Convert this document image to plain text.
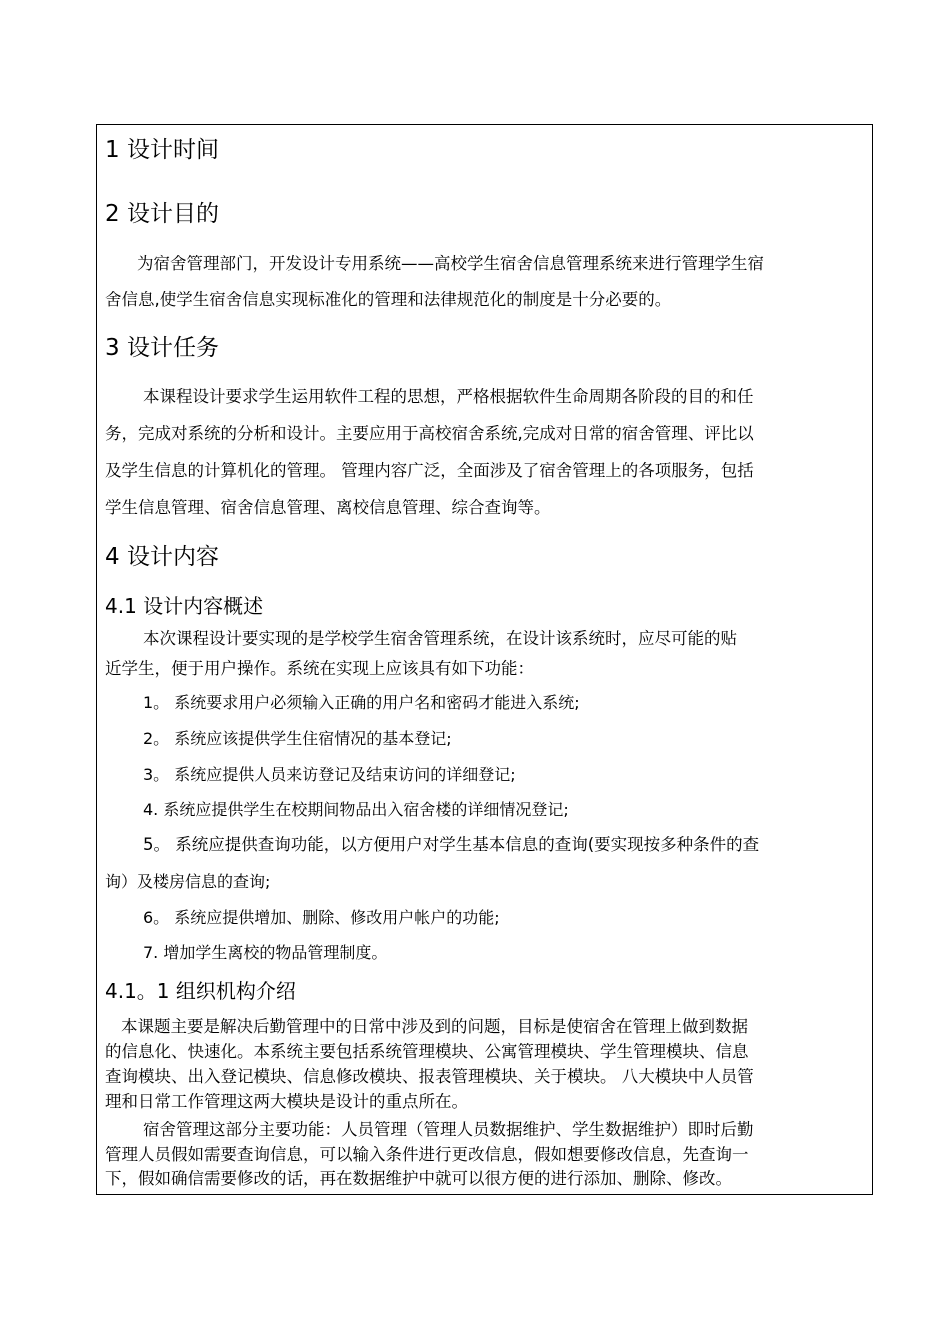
1 设计时间
2 设计目的
为宿舍管理部门，开发设计专用系统——高校学生宿舍信息管理系统来进行管理学生宿
舍信息,使学生宿舍信息实现标准化的管理和法律规范化的制度是十分必要的。
3 设计任务
本课程设计要求学生运用软件工程的思想，严格根据软件生命周期各阶段的目的和任
务，完成对系统的分析和设计。主要应用于高校宿舍系统,完成对日常的宿舍管理、评比以
及学生信息的计算机化的管理。 管理内容广泛，全面涉及了宿舍管理上的各项服务，包括
学生信息管理、宿舍信息管理、离校信息管理、综合查询等。
4 设计内容
4.1 设计内容概述
本次课程设计要实现的是学校学生宿舍管理系统，在设计该系统时，应尽可能的贴
近学生，便于用户操作。系统在实现上应该具有如下功能：
1。 系统要求用户必须输入正确的用户名和密码才能进入系统;
2。 系统应该提供学生住宿情况的基本登记;
3。 系统应提供人员来访登记及结束访问的详细登记;
4. 系统应提供学生在校期间物品出入宿舍楼的详细情况登记;
5。 系统应提供查询功能，以方便用户对学生基本信息的查询(要实现按多种条件的查
询）及楼房信息的查询;
6。 系统应提供增加、删除、修改用户帐户的功能;
7. 增加学生离校的物品管理制度。
4.1。1 组织机构介绍
本课题主要是解决后勤管理中的日常中涉及到的问题，目标是使宿舍在管理上做到数据
的信息化、快速化。本系统主要包括系统管理模块、公寓管理模块、学生管理模块、信息
查询模块、出入登记模块、信息修改模块、报表管理模块、关于模块。 八大模块中人员管
理和日常工作管理这两大模块是设计的重点所在。
宿舍管理这部分主要功能：人员管理（管理人员数据维护、学生数据维护）即时后勤
管理人员假如需要查询信息，可以输入条件进行更改信息，假如想要修改信息，先查询一
下，假如确信需要修改的话，再在数据维护中就可以很方便的进行添加、删除、修改。
